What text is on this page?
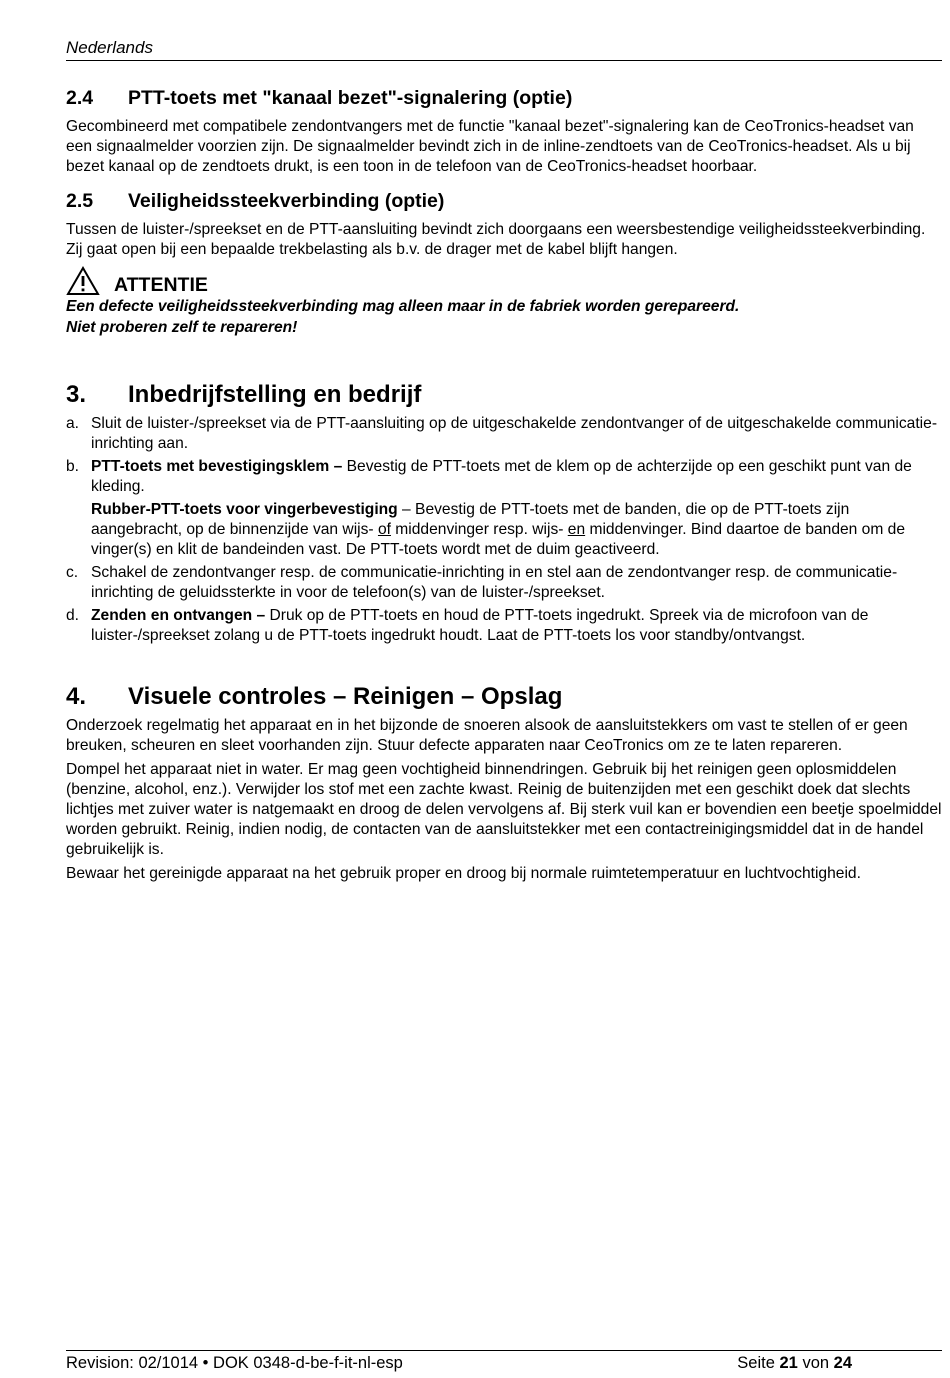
Nederlands
2.4 PTT-toets met "kanaal bezet"-signalering (optie)

Gecombineerd met compatibele zendontvangers met de functie "kanaal bezet"-signalering kan de CeoTronics-headset van een signaalmelder voorzien zijn. De signaalmelder bevindt zich in de inline-zendtoets van de CeoTronics-headset. Als u bij bezet kanaal op de zendtoets drukt, is een toon in de telefoon van de CeoTronics-headset hoorbaar.

2.5 Veiligheidssteekverbinding (optie)

Tussen de luister-/spreekset en de PTT-aansluiting bevindt zich doorgaans een weersbestendige veiligheidssteekverbinding. Zij gaat open bij een bepaalde trekbelasting als b.v. de drager met de kabel blijft hangen.

ATTENTIE

Een defecte veiligheidssteekverbinding mag alleen maar in de fabriek worden gerepareerd.

Niet proberen zelf te repareren!

3. Inbedrijfstelling en bedrijf
a. Sluit de luister-/spreekset via de PTT-aansluiting op de uitgeschakelde zendontvanger of de uitgeschakelde communicatie-inrichting aan.
b. PTT-toets met bevestigingsklem – Bevestig de PTT-toets met de klem op de achterzijde op een geschikt punt van de kleding.
Rubber-PTT-toets voor vingerbevestiging – Bevestig de PTT-toets met de banden, die op de PTT-toets zijn aangebracht, op de binnenzijde van wijs- of middenvinger resp. wijs- en middenvinger. Bind daartoe de banden om de vinger(s) en klit de bandeinden vast. De PTT-toets wordt met de duim geactiveerd.
c. Schakel de zendontvanger resp. de communicatie-inrichting in en stel aan de zendontvanger resp. de communicatie-inrichting de geluidssterkte in voor de telefoon(s) van de luister-/spreekset.
d. Zenden en ontvangen – Druk op de PTT-toets en houd de PTT-toets ingedrukt. Spreek via de microfoon van de luister-/spreekset zolang u de PTT-toets ingedrukt houdt. Laat de PTT-toets los voor standby/ontvangst.
4. Visuele controles – Reinigen – Opslag

Onderzoek regelmatig het apparaat en in het bijzonde de snoeren alsook de aansluitstekkers om vast te stellen of er geen breuken, scheuren en sleet voorhanden zijn. Stuur defecte apparaten naar CeoTronics om ze te laten repareren.

Dompel het apparaat niet in water. Er mag geen vochtigheid binnendringen. Gebruik bij het reinigen geen oplosmiddelen (benzine, alcohol, enz.). Verwijder los stof met een zachte kwast. Reinig de buitenzijden met een geschikt doek dat slechts lichtjes met zuiver water is natgemaakt en droog de delen vervolgens af. Bij sterk vuil kan er bovendien een beetje spoelmiddel worden gebruikt. Reinig, indien nodig, de contacten van de aansluitstekker met een contactreinigingsmiddel dat in de handel gebruikelijk is.

Bewaar het gereinigde apparaat na het gebruik proper en droog bij normale ruimtetemperatuur en luchtvochtigheid.

Revision: 02/1014 • DOK 0348-d-be-f-it-nl-esp	Seite 21 von 24
